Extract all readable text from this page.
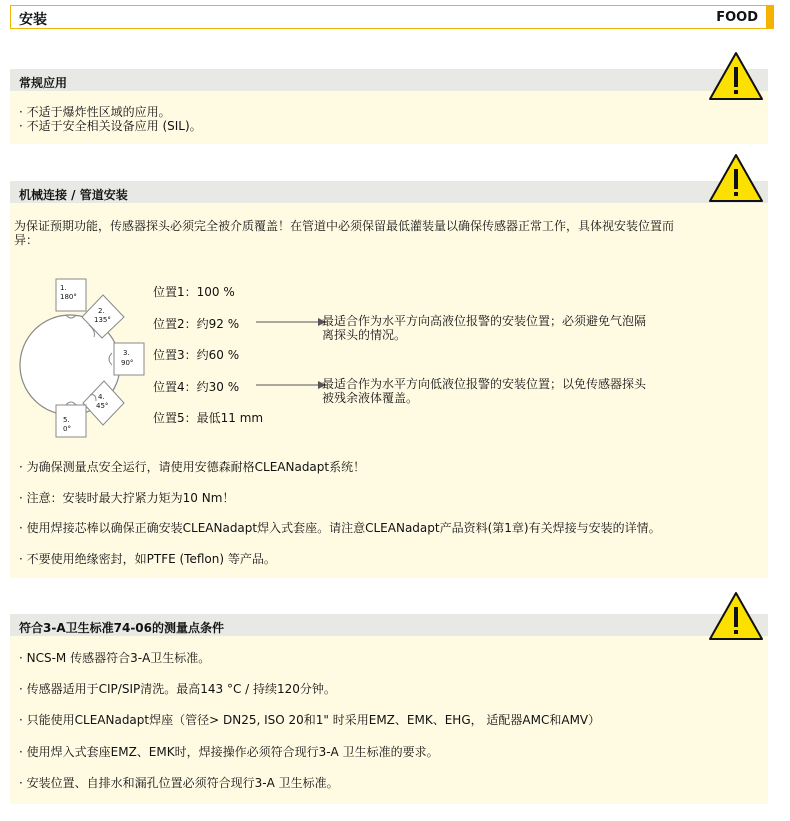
安装	FOOD
常规应用
· 不适于爆炸性区域的应用。
· 不适于安全相关设备应用 (SIL)。
机械连接 / 管道安装
为保证预期功能，传感器探头必须完全被介质覆盖！在管道中必须保留最低灌装量以确保传感器正常工作，具体视安装位置而
异：
1.
180°
2.
135°
3.
90°
4.
45°
5.
0°
位置1：100 %
位置2：约92 %
位置3：约60 %
位置4：约30 %
位置5：最低11 mm
最适合作为水平方向高液位报警的安装位置；必须避免气泡隔
离探头的情况。
最适合作为水平方向低液位报警的安装位置；以免传感器探头
被残余液体覆盖。
· 为确保测量点安全运行，请使用安德森耐格CLEANadapt系统！
· 注意：安装时最大拧紧力矩为10 Nm！
· 使用焊接芯棒以确保正确安装CLEANadapt焊入式套座。请注意CLEANadapt产品资料(第1章)有关焊接与安装的详情。
· 不要使用绝缘密封，如PTFE (Teflon) 等产品。
符合3-A卫生标准74-06的测量点条件
· NCS-M 传感器符合3-A卫生标准。
· 传感器适用于CIP/SIP清洗。最高143 °C / 持续120分钟。
· 只能使用CLEANadapt焊座（管径> DN25, ISO 20和1" 时采用EMZ、EMK、EHG， 适配器AMC和AMV）
· 使用焊入式套座EMZ、EMK时，焊接操作必须符合现行3-A 卫生标准的要求。
· 安装位置、自排水和漏孔位置必须符合现行3-A 卫生标准。
